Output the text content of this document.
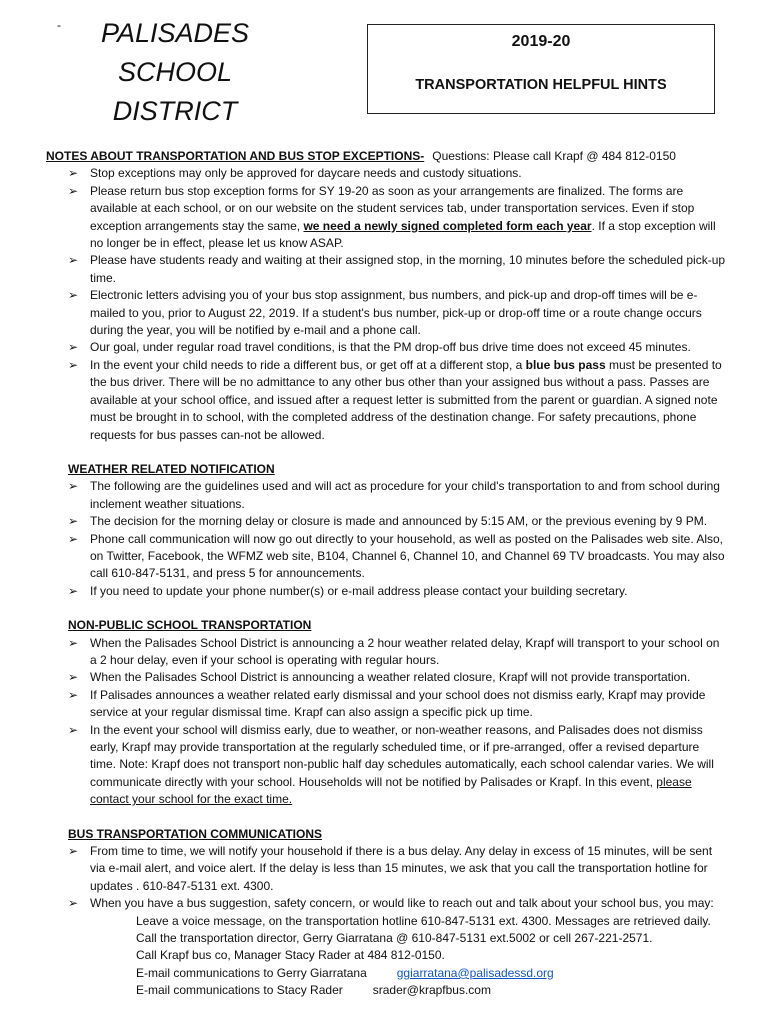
- PALISADES
SCHOOL
DISTRICT
2019-20
TRANSPORTATION HELPFUL HINTS
NOTES ABOUT TRANSPORTATION AND BUS STOP EXCEPTIONS- Questions: Please call Krapf @ 484 812-0150
➢ Stop exceptions may only be approved for daycare needs and custody situations.
➢ Please return bus stop exception forms for SY 19-20 as soon as your arrangements are finalized. The forms are available at each school, or on our website on the student services tab, under transportation services. Even if stop exception arrangements stay the same, we need a newly signed completed form each year. If a stop exception will no longer be in effect, please let us know ASAP.
➢ Please have students ready and waiting at their assigned stop, in the morning, 10 minutes before the scheduled pick-up time.
➢ Electronic letters advising you of your bus stop assignment, bus numbers, and pick-up and drop-off times will be e-mailed to you, prior to August 22, 2019. If a student's bus number, pick-up or drop-off time or a route change occurs during the year, you will be notified by e-mail and a phone call.
➢ Our goal, under regular road travel conditions, is that the PM drop-off bus drive time does not exceed 45 minutes.
➢ In the event your child needs to ride a different bus, or get off at a different stop, a blue bus pass must be presented to the bus driver. There will be no admittance to any other bus other than your assigned bus without a pass. Passes are available at your school office, and issued after a request letter is submitted from the parent or guardian. A signed note must be brought in to school, with the completed address of the destination change. For safety precautions, phone requests for bus passes can-not be allowed.
WEATHER RELATED NOTIFICATION
➢ The following are the guidelines used and will act as procedure for your child's transportation to and from school during inclement weather situations.
➢ The decision for the morning delay or closure is made and announced by 5:15 AM, or the previous evening by 9 PM.
➢ Phone call communication will now go out directly to your household, as well as posted on the Palisades web site. Also, on Twitter, Facebook, the WFMZ web site, B104, Channel 6, Channel 10, and Channel 69 TV broadcasts. You may also call 610-847-5131, and press 5 for announcements.
➢ If you need to update your phone number(s) or e-mail address please contact your building secretary.
NON-PUBLIC SCHOOL TRANSPORTATION
➢ When the Palisades School District is announcing a 2 hour weather related delay, Krapf will transport to your school on a 2 hour delay, even if your school is operating with regular hours.
➢ When the Palisades School District is announcing a weather related closure, Krapf will not provide transportation.
➢ If Palisades announces a weather related early dismissal and your school does not dismiss early, Krapf may provide service at your regular dismissal time. Krapf can also assign a specific pick up time.
➢ In the event your school will dismiss early, due to weather, or non-weather reasons, and Palisades does not dismiss early, Krapf may provide transportation at the regularly scheduled time, or if pre-arranged, offer a revised departure time. Note: Krapf does not transport non-public half day schedules automatically, each school calendar varies. We will communicate directly with your school. Households will not be notified by Palisades or Krapf. In this event, please contact your school for the exact time.
BUS TRANSPORTATION COMMUNICATIONS
➢ From time to time, we will notify your household if there is a bus delay. Any delay in excess of 15 minutes, will be sent via e-mail alert, and voice alert. If the delay is less than 15 minutes, we ask that you call the transportation hotline for updates . 610-847-5131 ext. 4300.
➢ When you have a bus suggestion, safety concern, or would like to reach out and talk about your school bus, you may:
Leave a voice message, on the transportation hotline 610-847-5131 ext. 4300. Messages are retrieved daily.
Call the transportation director, Gerry Giarratana @ 610-847-5131 ext.5002 or cell 267-221-2571.
Call Krapf bus co, Manager Stacy Rader at 484 812-0150.
E-mail communications to Gerry Giarratana	ggiarratana@palisadessd.org
E-mail communications to Stacy Rader	srader@krapfbus.com
